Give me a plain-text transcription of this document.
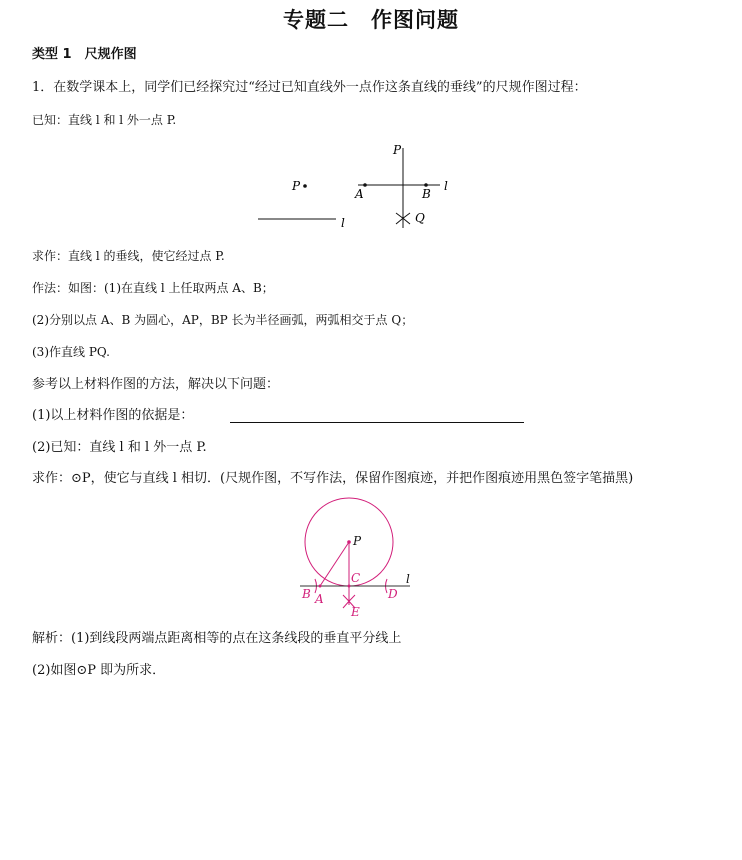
专题二　作图问题
类型 1　尺规作图
1．在数学课本上，同学们已经探究过“经过已知直线外一点作这条直线的垂线”的尺规作图过程：
已知：直线 l 和 l 外一点 P.
P
l
P
A	B
Q
l
求作：直线 l 的垂线，使它经过点 P.
作法：如图：(1)在直线 l 上任取两点 A、B；
(2)分别以点 A、B 为圆心，AP，BP 长为半径画弧，两弧相交于点 Q；
(3)作直线 PQ.
参考以上材料作图的方法，解决以下问题：
(1)以上材料作图的依据是：
(2)已知：直线 l 和 l 外一点 P.
求作：⊙P，使它与直线 l 相切．(尺规作图，不写作法，保留作图痕迹，并把作图痕迹用黑色签字笔描黑)
P
C
B A	D
E
l
解析：(1)到线段两端点距离相等的点在这条线段的垂直平分线上
(2)如图⊙P 即为所求．
